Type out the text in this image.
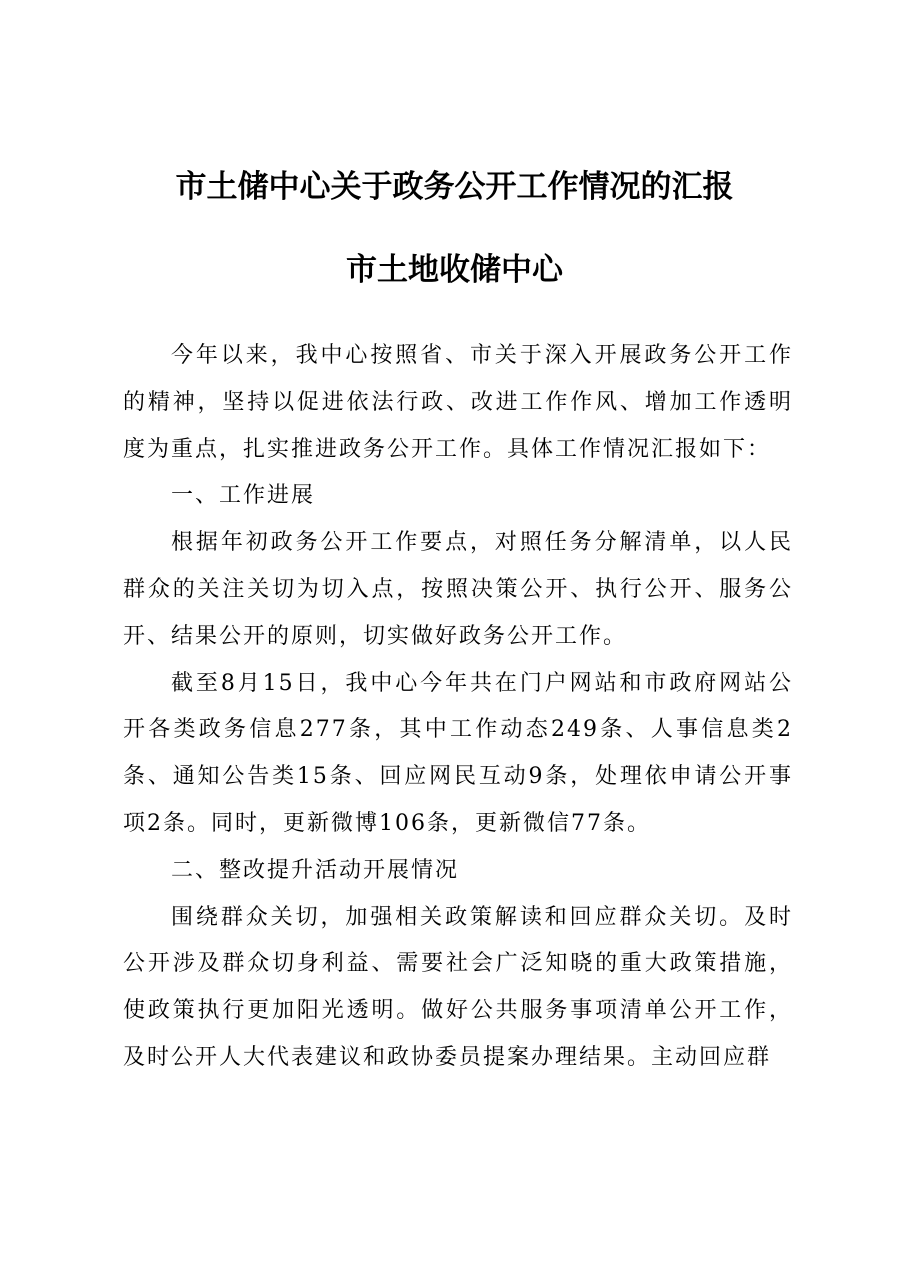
市土储中心关于政务公开工作情况的汇报
市土地收储中心

今年以来，我中心按照省、市关于深入开展政务公开工作的精神，坚持以促进依法行政、改进工作作风、增加工作透明度为重点，扎实推进政务公开工作。具体工作情况汇报如下：

一、工作进展

根据年初政务公开工作要点，对照任务分解清单，以人民群众的关注关切为切入点，按照决策公开、执行公开、服务公开、结果公开的原则，切实做好政务公开工作。

截至8月15日，我中心今年共在门户网站和市政府网站公开各类政务信息277条，其中工作动态249条、人事信息类2条、通知公告类15条、回应网民互动9条，处理依申请公开事项2条。同时，更新微博106条，更新微信77条。

二、整改提升活动开展情况

围绕群众关切，加强相关政策解读和回应群众关切。及时公开涉及群众切身利益、需要社会广泛知晓的重大政策措施，使政策执行更加阳光透明。做好公共服务事项清单公开工作，及时公开人大代表建议和政协委员提案办理结果。主动回应群
